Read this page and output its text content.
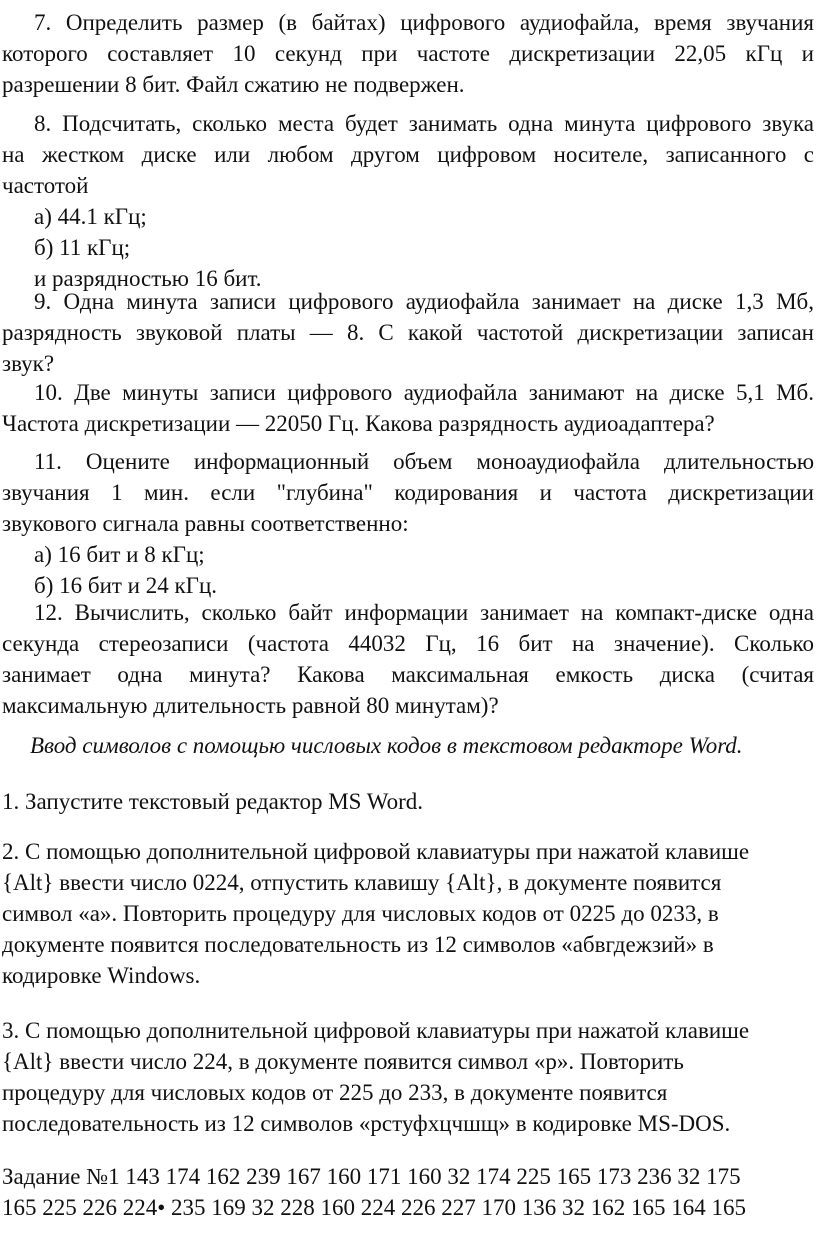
7. Определить размер (в байтах) цифрового аудиофайла, время звучания
которого составляет 10 секунд при частоте дискретизации 22,05 кГц и
разрешении 8 бит. Файл сжатию не подвержен.
8. Подсчитать, сколько места будет занимать одна минута цифрового звука
на жестком диске или любом другом цифровом носителе, записанного с
частотой
а) 44.1 кГц;
б) 11 кГц;
и разрядностью 16 бит.
9. Одна минута записи цифрового аудиофайла занимает на диске 1,3 Мб,
разрядность звуковой платы — 8. С какой частотой дискретизации записан
звук?
10. Две минуты записи цифрового аудиофайла занимают на диске 5,1 Мб.
Частота дискретизации — 22050 Гц. Какова разрядность аудиоадаптера?
11. Оцените информационный объем моноаудиофайла длительностью
звучания 1 мин. если "глубина" кодирования и частота дискретизации
звукового сигнала равны соответственно:
а) 16 бит и 8 кГц;
б) 16 бит и 24 кГц.
12. Вычислить, сколько байт информации занимает на компакт-диске одна
секунда стереозаписи (частота 44032 Гц, 16 бит на значение). Сколько
занимает одна минута? Какова максимальная емкость диска (считая
максимальную длительность равной 80 минутам)?
Ввод символов с помощью числовых кодов в текстовом редакторе Word.
1. Запустите текстовый редактор MS Word.
2. С помощью дополнительной цифровой клавиатуры при нажатой клавише
{Alt} ввести число 0224, отпустить клавишу {Alt}, в документе появится
символ «а». Повторить процедуру для числовых кодов от 0225 до 0233, в
документе появится последовательность из 12 символов «абвгдежзий» в
кодировке Windows.
3. С помощью дополнительной цифровой клавиатуры при нажатой клавише
{Alt} ввести число 224, в документе появится символ «р». Повторить
процедуру для числовых кодов от 225 до 233, в документе появится
последовательность из 12 символов «рстуфхцчшщ» в кодировке MS-DOS.
Задание №1 143 174 162 239 167 160 171 160 32 174 225 165 173 236 32 175
165 225 226 224• 235 169 32 228 160 224 226 227 170 136 32 162 165 164 165
